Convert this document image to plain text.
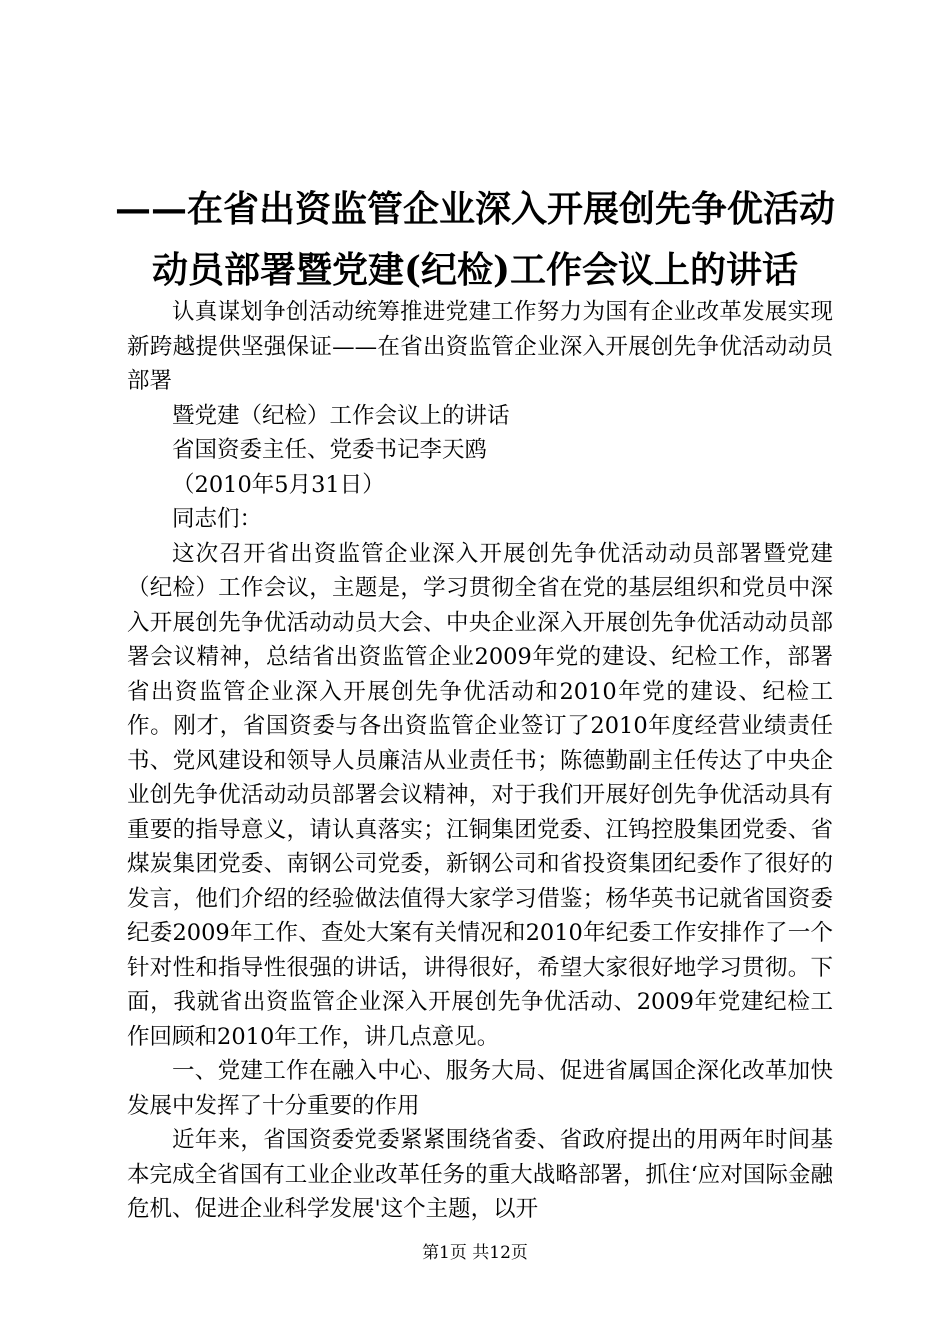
——在省出资监管企业深入开展创先争优活动
动员部署暨党建(纪检)工作会议上的讲话

认真谋划争创活动统筹推进党建工作努力为国有企业改革发展实现新跨越提供坚强保证——在省出资监管企业深入开展创先争优活动动员部署

暨党建（纪检）工作会议上的讲话

省国资委主任、党委书记李天鸥

（2010年5月31日）

同志们：

这次召开省出资监管企业深入开展创先争优活动动员部署暨党建（纪检）工作会议，主题是，学习贯彻全省在党的基层组织和党员中深入开展创先争优活动动员大会、中央企业深入开展创先争优活动动员部署会议精神，总结省出资监管企业2009年党的建设、纪检工作，部署省出资监管企业深入开展创先争优活动和2010年党的建设、纪检工作。刚才，省国资委与各出资监管企业签订了2010年度经营业绩责任书、党风建设和领导人员廉洁从业责任书；陈德勤副主任传达了中央企业创先争优活动动员部署会议精神，对于我们开展好创先争优活动具有重要的指导意义，请认真落实；江铜集团党委、江钨控股集团党委、省煤炭集团党委、南钢公司党委，新钢公司和省投资集团纪委作了很好的发言，他们介绍的经验做法值得大家学习借鉴；杨华英书记就省国资委纪委2009年工作、查处大案有关情况和2010年纪委工作安排作了一个针对性和指导性很强的讲话，讲得很好，希望大家很好地学习贯彻。下面，我就省出资监管企业深入开展创先争优活动、2009年党建纪检工作回顾和2010年工作，讲几点意见。

一、党建工作在融入中心、服务大局、促进省属国企深化改革加快发展中发挥了十分重要的作用

近年来，省国资委党委紧紧围绕省委、省政府提出的用两年时间基本完成全省国有工业企业改革任务的重大战略部署，抓住‘应对国际金融危机、促进企业科学发展'这个主题，以开

第1页 共12页
